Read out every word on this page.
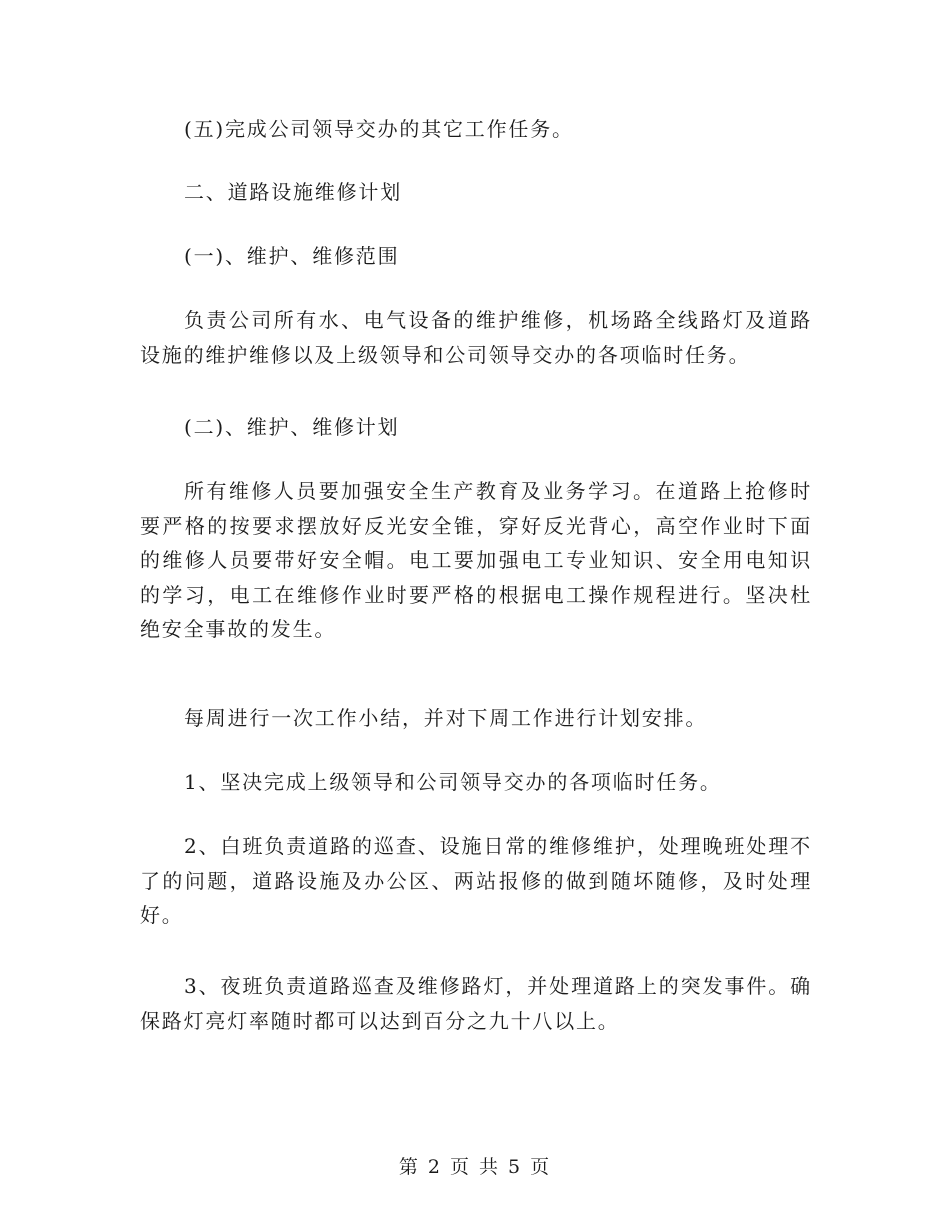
(五)完成公司领导交办的其它工作任务。

二、道路设施维修计划

(一)、维护、维修范围

负责公司所有水、电气设备的维护维修，机场路全线路灯及道路设施的维护维修以及上级领导和公司领导交办的各项临时任务。

(二)、维护、维修计划

所有维修人员要加强安全生产教育及业务学习。在道路上抢修时要严格的按要求摆放好反光安全锥，穿好反光背心，高空作业时下面的维修人员要带好安全帽。电工要加强电工专业知识、安全用电知识的学习，电工在维修作业时要严格的根据电工操作规程进行。坚决杜绝安全事故的发生。

每周进行一次工作小结，并对下周工作进行计划安排。

1、坚决完成上级领导和公司领导交办的各项临时任务。

2、白班负责道路的巡查、设施日常的维修维护，处理晚班处理不了的问题，道路设施及办公区、两站报修的做到随坏随修，及时处理好。

3、夜班负责道路巡查及维修路灯，并处理道路上的突发事件。确保路灯亮灯率随时都可以达到百分之九十八以上。

第 2 页 共 5 页
